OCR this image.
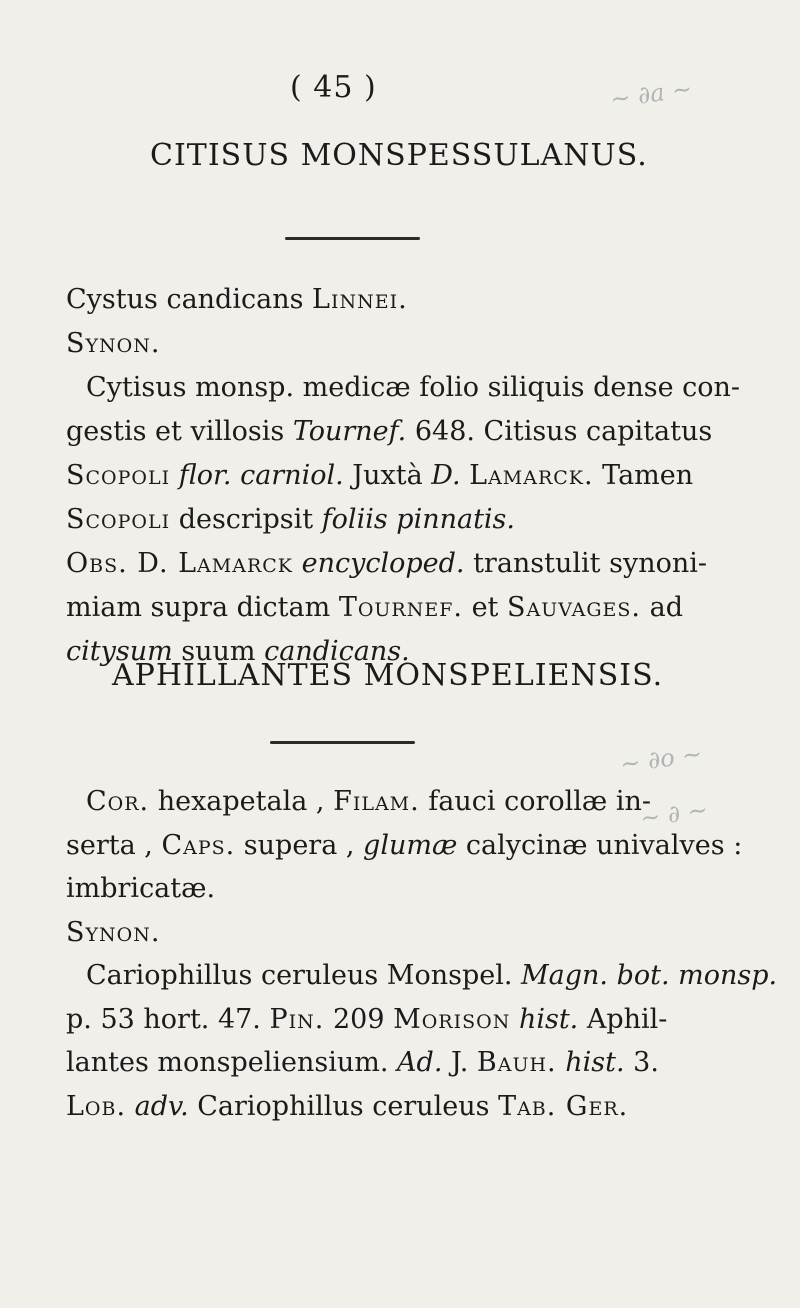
( 45 )
CITISUS MONSPESSULANUS.
Cystus candicans Linnei.
Synon.
Cytisus monsp. medicæ folio siliquis dense con-
gestis et villosis Tournef. 648. Citisus capitatus
Scopoli flor. carniol. Juxtà D. Lamarck. Tamen
Scopoli descripsit foliis pinnatis.
Obs. D. Lamarck encycloped. transtulit synoni-
miam supra dictam Tournef. et Sauvages. ad
citysum suum candicans.
APHILLANTES MONSPELIENSIS.
Cor. hexapetala , Filam. fauci corollæ in-
serta , Caps. supera , glumæ calycinæ univalves :
imbricatæ.
Synon.
Cariophillus ceruleus Monspel. Magn. bot. monsp.
p. 53 hort. 47. Pin. 209 Morison hist. Aphil-
lantes monspeliensium. Ad. J. Bauh. hist. 3.
Lob. adv. Cariophillus ceruleus Tab. Ger.
~ ∂a ~
~ ∂o ~
~ ∂ ~
